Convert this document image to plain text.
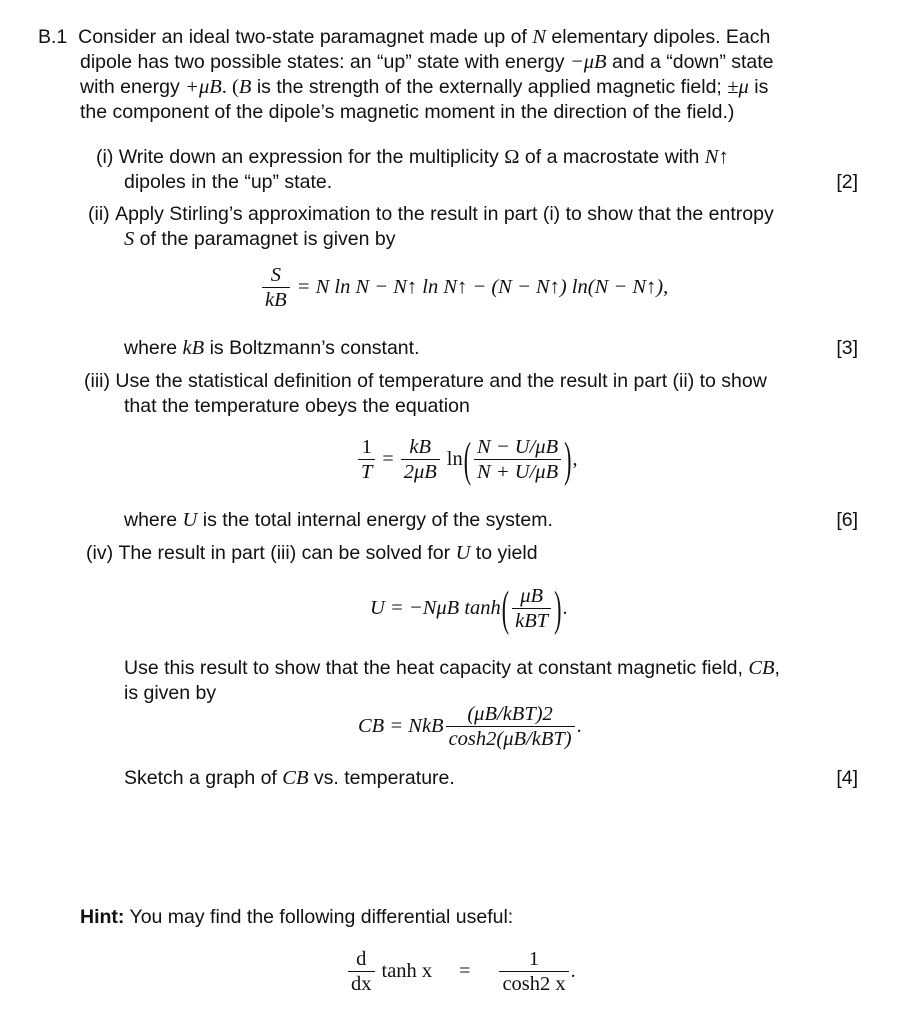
B.1 Consider an ideal two-state paramagnet made up of N elementary dipoles. Each
dipole has two possible states: an “up” state with energy −μB and a “down” state
with energy +μB. (B is the strength of the externally applied magnetic field; ±μ is
the component of the dipole’s magnetic moment in the direction of the field.)
(i) Write down an expression for the multiplicity Ω of a macrostate with N↑
dipoles in the “up” state.	[2]
(ii) Apply Stirling’s approximation to the result in part (i) to show that the entropy
S of the paramagnet is given by
$\frac{S}{kB} = N$ ln N − N↑ ln N↑ − (N − N↑) ln(N − N↑),
where kB is Boltzmann’s constant.	[3]
(iii) Use the statistical definition of temperature and the result in part (ii) to show
that the temperature obeys the equation
$\frac{1}{T} = \frac{kB}{2\mu B} \ln( \frac{N - U/\mu B}{N + U/\mu B}$ ),
where U is the total internal energy of the system.	[6]
(iv) The result in part (iii) can be solved for U to yield
U = −NμB $\tanh( \frac{\mu B}{\text{kBT}}$ ).
Use this result to show that the heat capacity at constant magnetic field, CB,
is given by
CB = NkB $\frac{\text{(μB/kBT)2}}{\text{cosh2(μB/kBT)}}$ .
Sketch a graph of CB vs. temperature.	[4]
Hint: You may find the following differential useful:
$\frac{d}{dx}$ $\tanh x = \frac{1}{\cosh 2 x}$ .
